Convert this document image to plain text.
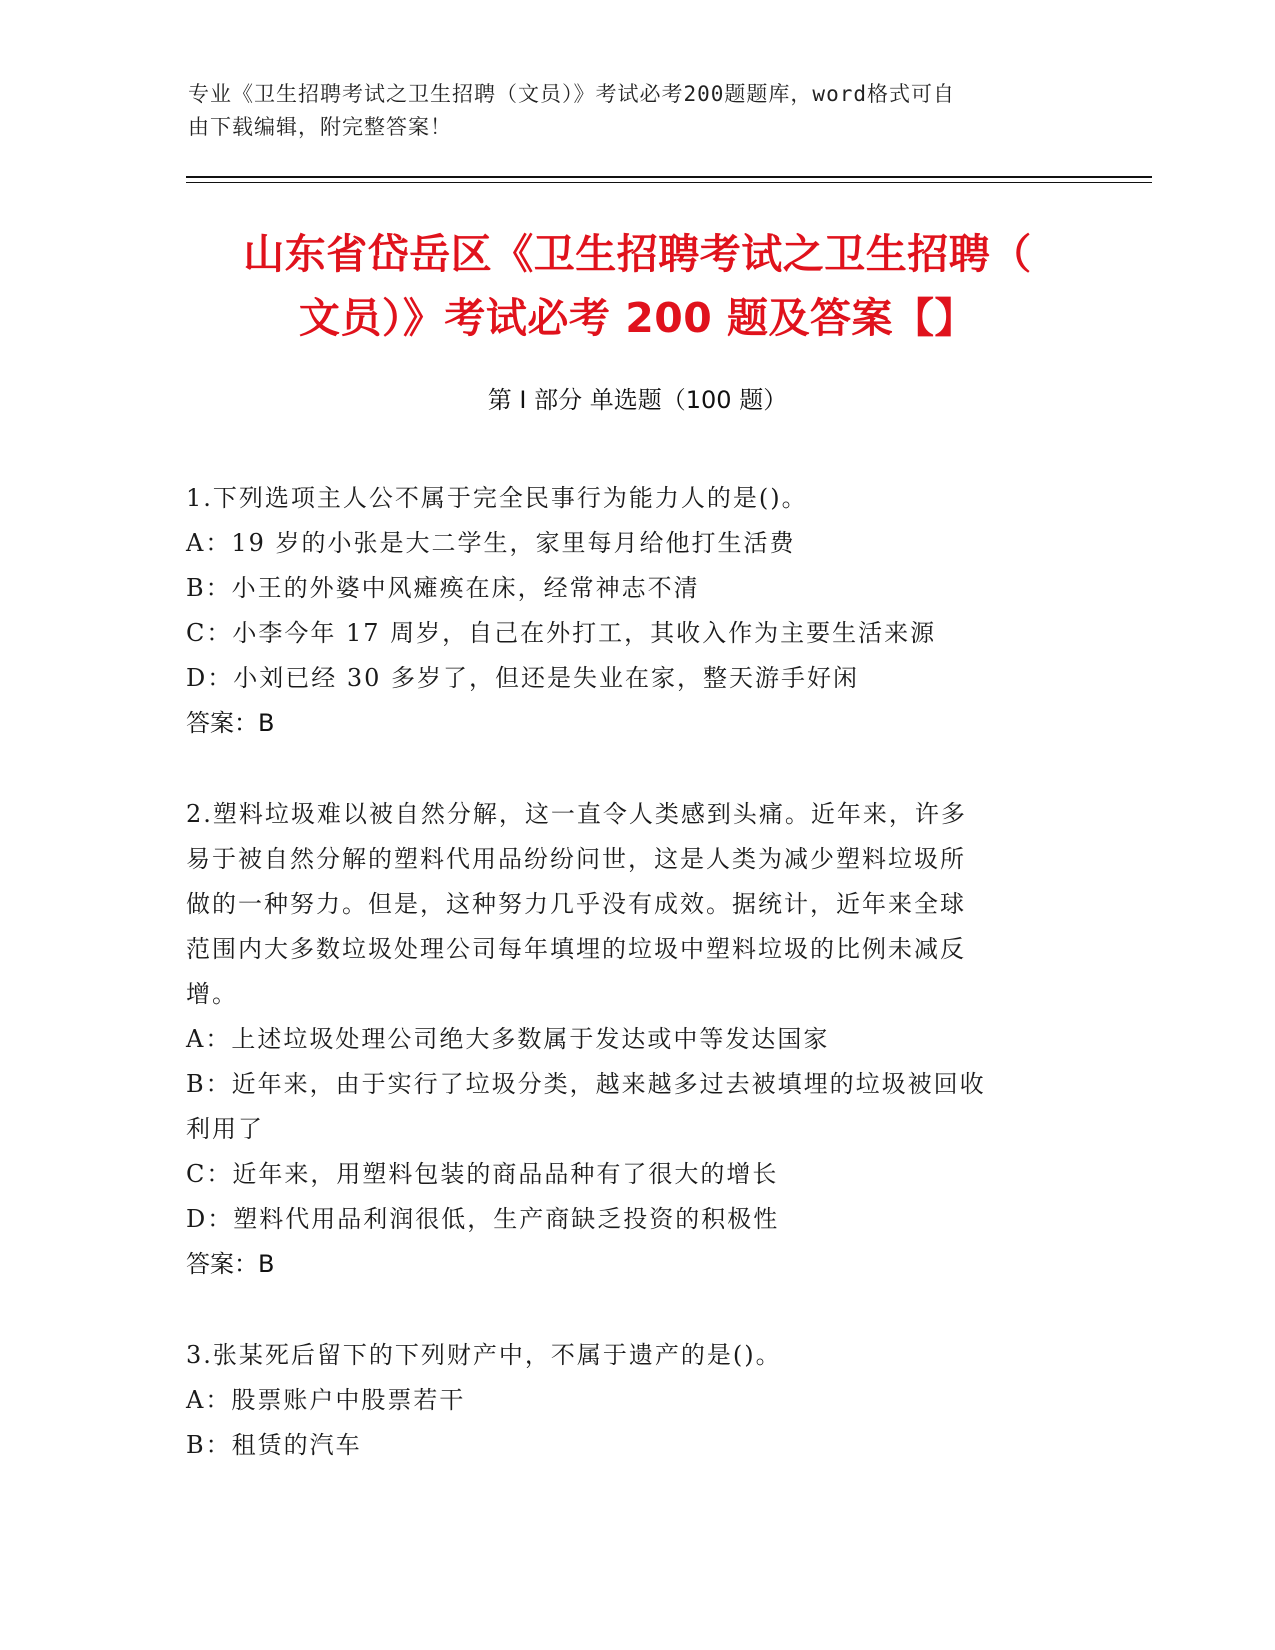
专业《卫生招聘考试之卫生招聘（文员）》考试必考200题题库，word格式可自
由下载编辑，附完整答案！
山东省岱岳区《卫生招聘考试之卫生招聘（
文员）》考试必考 200 题及答案【】
第 I 部分 单选题（100 题）

1.下列选项主人公不属于完全民事行为能力人的是()。

A：19 岁的小张是大二学生，家里每月给他打生活费

B：小王的外婆中风瘫痪在床，经常神志不清

C：小李今年 17 周岁，自己在外打工，其收入作为主要生活来源

D：小刘已经 30 多岁了，但还是失业在家，整天游手好闲

答案：B

2.塑料垃圾难以被自然分解，这一直令人类感到头痛。近年来，许多

易于被自然分解的塑料代用品纷纷问世，这是人类为减少塑料垃圾所

做的一种努力。但是，这种努力几乎没有成效。据统计，近年来全球

范围内大多数垃圾处理公司每年填埋的垃圾中塑料垃圾的比例未减反

增。

A：上述垃圾处理公司绝大多数属于发达或中等发达国家

B：近年来，由于实行了垃圾分类，越来越多过去被填埋的垃圾被回收

利用了

C：近年来，用塑料包装的商品品种有了很大的增长

D：塑料代用品利润很低，生产商缺乏投资的积极性

答案：B

3.张某死后留下的下列财产中，不属于遗产的是()。

A：股票账户中股票若干

B：租赁的汽车
